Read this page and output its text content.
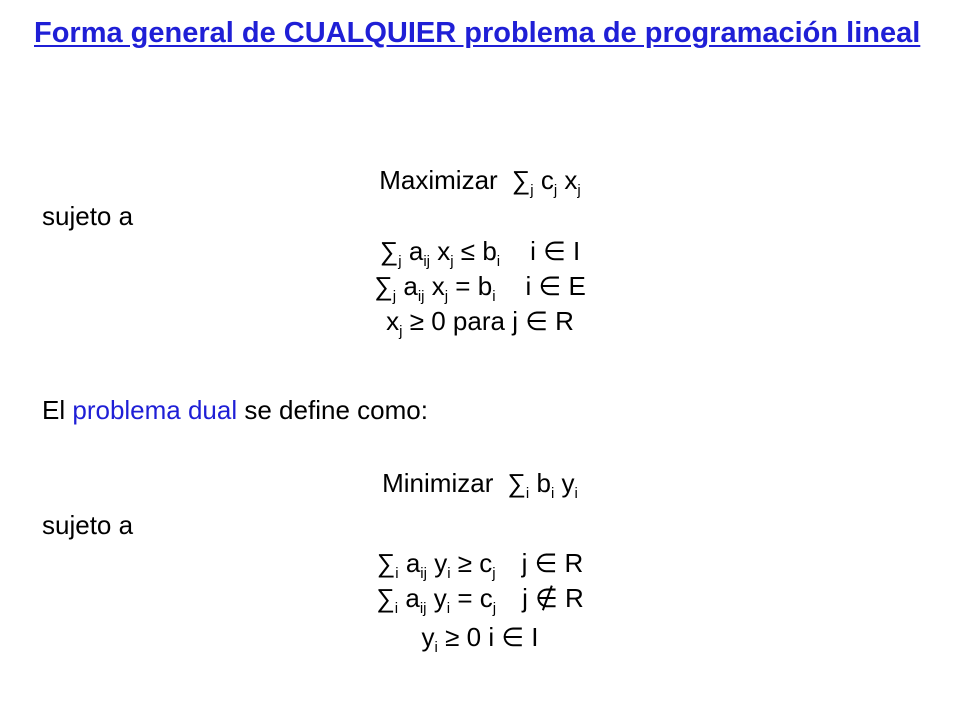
Forma general de CUALQUIER problema de programación lineal
Maximizar $\sum_j$ $c_j$ $x_j$
sujeto a
$\sum_j$ $a_{ij}$ $x_j \le b_i$ i ∈ I
$\sum_j$ $a_{ij}$ $x_j = b_i$ i ∈ E
$x_j \ge 0$ para j ∈ R
El problema dual se define como:
Minimizar $\sum_i$ $b_i$ $y_i$
sujeto a
$\sum_i$ $a_{ij}$ $y_i \ge c_j$ j ∈ R
$\sum_i$ $a_{ij}$ $y_i = c_j$ j ∉ R
$y_i \ge 0$ i ∈ I
